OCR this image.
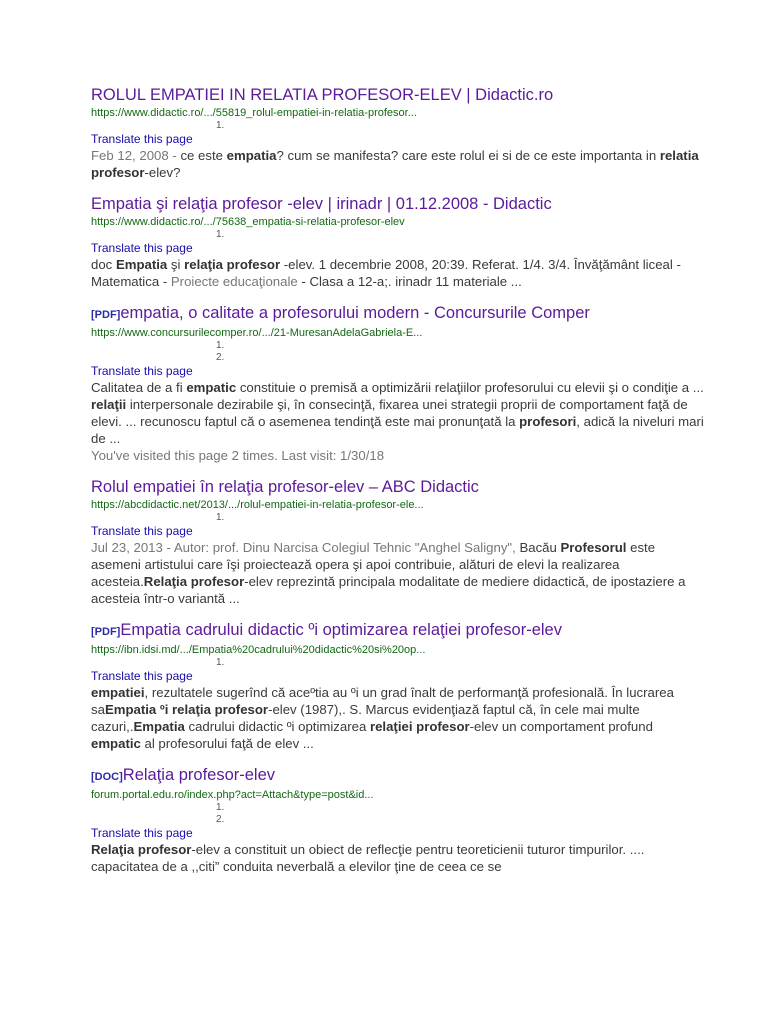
ROLUL EMPATIEI IN RELATIA PROFESOR-ELEV | Didactic.ro
https://www.didactic.ro/.../55819_rolul-empatiei-in-relatia-profesor...
1.
Translate this page
Feb 12, 2008 - ce este empatia? cum se manifesta? care este rolul ei si de ce este importanta in relatia profesor-elev?
Empatia şi relaţia profesor -elev | irinadr | 01.12.2008 - Didactic
https://www.didactic.ro/.../75638_empatia-si-relatia-profesor-elev
1.
Translate this page
doc Empatia şi relaţia profesor -elev. 1 decembrie 2008, 20:39. Referat. 1/4. 3/4. Învăţământ liceal - Matematica - Proiecte educaţionale - Clasa a 12-a;. irinadr 11 materiale ...
[PDF]empatia, o calitate a profesorului modern - Concursurile Comper
https://www.concursurilecomper.ro/.../21-MuresanAdelaGabriela-E...
1.
2.
Translate this page
Calitatea de a fi empatic constituie o premisă a optimizării relaţiilor profesorului cu elevii şi o condiţie a ... relaţii interpersonale dezirabile şi, în consecinţă, fixarea unei strategii proprii de comportament faţă de elevi. ... recunoscu faptul că o asemenea tendinţă este mai pronunţată la profesori, adică la niveluri mari de ...
You've visited this page 2 times. Last visit: 1/30/18
Rolul empatiei în relaţia profesor-elev – ABC Didactic
https://abcdidactic.net/2013/.../rolul-empatiei-in-relatia-profesor-ele...
1.
Translate this page
Jul 23, 2013 - Autor: prof. Dinu Narcisa Colegiul Tehnic "Anghel Saligny", Bacău Profesorul este asemeni artistului care îşi proiectează opera şi apoi contribuie, alături de elevi la realizarea acesteia.Relaţia profesor-elev reprezintă principala modalitate de mediere didactică, de ipostaziere a acesteia într-o variantă ...
[PDF]Empatia cadrului didactic ºi optimizarea relaţiei profesor-elev
https://ibn.idsi.md/.../Empatia%20cadrului%20didactic%20si%20op...
1.
Translate this page
empatiei, rezultatele sugerînd că aceºtia au ºi un grad înalt de performanţă profesională. În lucrarea saEmpatia ºi relaţia profesor-elev (1987),. S. Marcus evidenţiază faptul că, în cele mai multe cazuri,.Empatia cadrului didactic ºi optimizarea relaţiei profesor-elev un comportament profund empatic al profesorului faţă de elev ...
[DOC]Relaţia profesor-elev
forum.portal.edu.ro/index.php?act=Attach&type=post&id...
1.
2.
Translate this page
Relaţia profesor-elev a constituit un obiect de reflecţie pentru teoreticienii tuturor timpurilor. .... capacitatea de a ,,citi” conduita neverbală a elevilor ţine de ceea ce se
